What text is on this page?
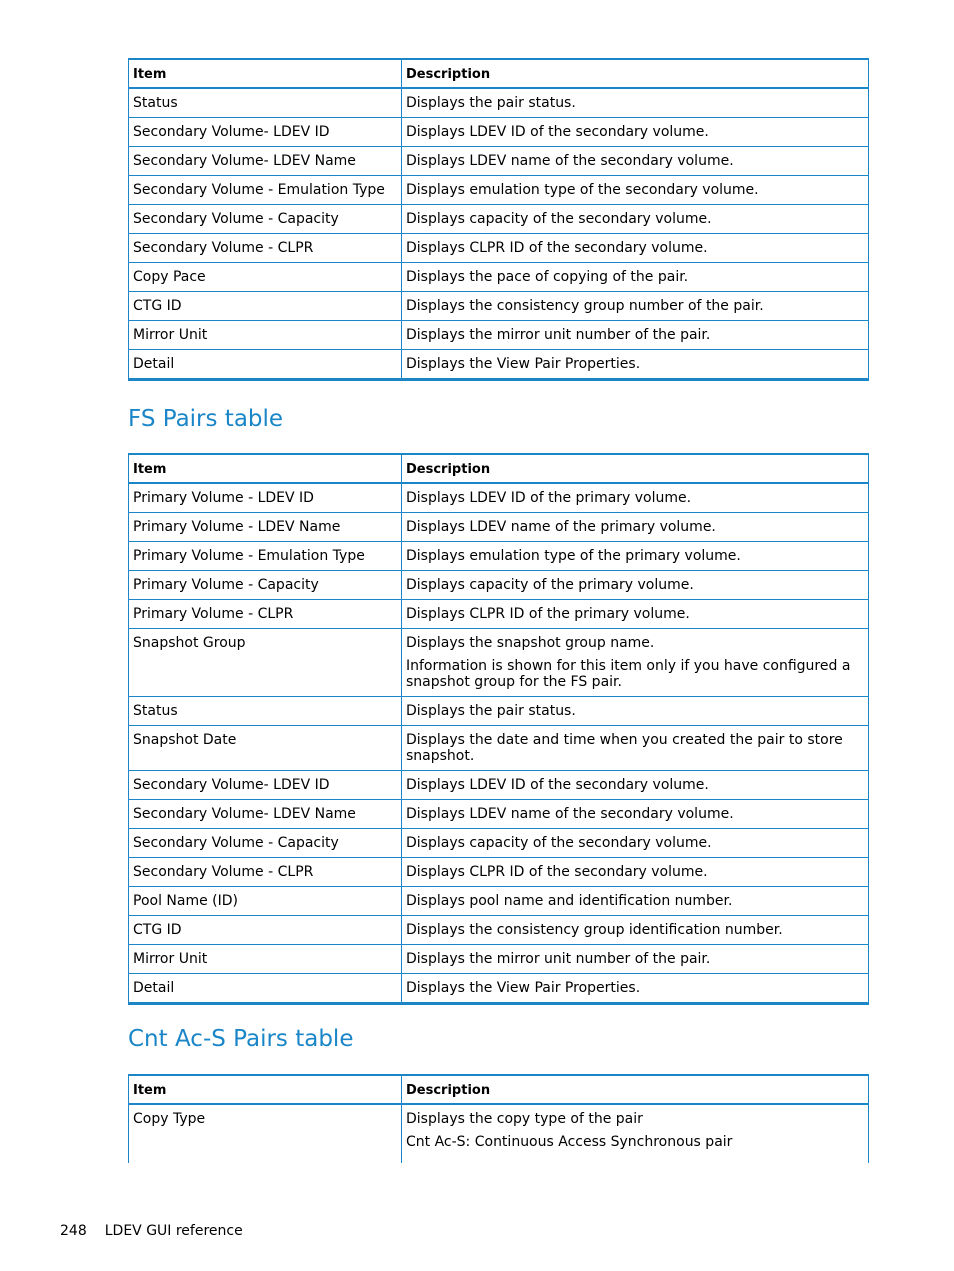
Item	Description
Status	Displays the pair status.

Secondary Volume- LDEV ID	Displays LDEV ID of the secondary volume.

Secondary Volume- LDEV Name	Displays LDEV name of the secondary volume.

Secondary Volume - Emulation Type	Displays emulation type of the secondary volume.

Secondary Volume - Capacity	Displays capacity of the secondary volume.

Secondary Volume - CLPR	Displays CLPR ID of the secondary volume.

Copy Pace	Displays the pace of copying of the pair.

CTG ID	Displays the consistency group number of the pair.

Mirror Unit	Displays the mirror unit number of the pair.

Detail	Displays the View Pair Properties.
FS Pairs table
Item	Description
Primary Volume - LDEV ID	Displays LDEV ID of the primary volume.

Primary Volume - LDEV Name	Displays LDEV name of the primary volume.

Primary Volume - Emulation Type	Displays emulation type of the primary volume.

Primary Volume - Capacity	Displays capacity of the primary volume.

Primary Volume - CLPR	Displays CLPR ID of the primary volume.

Snapshot Group	Displays the snapshot group name.
Information is shown for this item only if you have configured a snapshot group for the FS pair.

Status	Displays the pair status.

Snapshot Date	Displays the date and time when you created the pair to store snapshot.

Secondary Volume- LDEV ID	Displays LDEV ID of the secondary volume.

Secondary Volume- LDEV Name	Displays LDEV name of the secondary volume.

Secondary Volume - Capacity	Displays capacity of the secondary volume.

Secondary Volume - CLPR	Displays CLPR ID of the secondary volume.

Pool Name (ID)	Displays pool name and identification number.

CTG ID	Displays the consistency group identification number.

Mirror Unit	Displays the mirror unit number of the pair.

Detail	Displays the View Pair Properties.
Cnt Ac-S Pairs table
Item	Description
Copy Type	Displays the copy type of the pair
Cnt Ac-S: Continuous Access Synchronous pair
248 LDEV GUI reference
